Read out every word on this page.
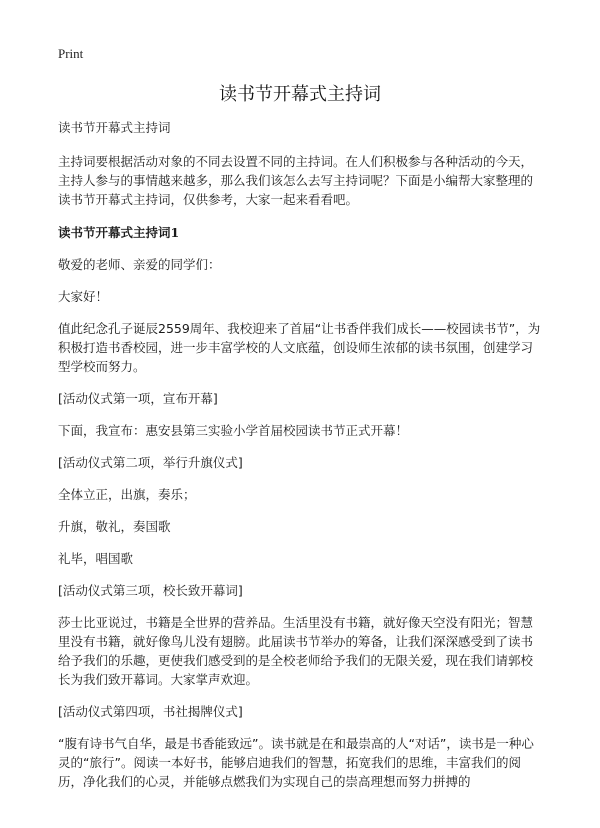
Print
读书节开幕式主持词

读书节开幕式主持词

主持词要根据活动对象的不同去设置不同的主持词。在人们积极参与各种活动的今天，主持人参与的事情越来越多，那么我们该怎么去写主持词呢？下面是小编帮大家整理的读书节开幕式主持词，仅供参考，大家一起来看看吧。

读书节开幕式主持词1

敬爱的老师、亲爱的同学们：

大家好！

值此纪念孔子诞辰2559周年、我校迎来了首届“让书香伴我们成长——校园读书节”，为积极打造书香校园，进一步丰富学校的人文底蕴，创设师生浓郁的读书氛围，创建学习型学校而努力。

[活动仪式第一项，宣布开幕]

下面，我宣布：惠安县第三实验小学首届校园读书节正式开幕！

[活动仪式第二项，举行升旗仪式]

全体立正，出旗，奏乐；

升旗，敬礼，奏国歌

礼毕，唱国歌

[活动仪式第三项，校长致开幕词]

莎士比亚说过，书籍是全世界的营养品。生活里没有书籍，就好像天空没有阳光；智慧里没有书籍，就好像鸟儿没有翅膀。此届读书节举办的筹备，让我们深深感受到了读书给予我们的乐趣，更使我们感受到的是全校老师给予我们的无限关爱，现在我们请郭校长为我们致开幕词。大家掌声欢迎。

[活动仪式第四项，书社揭牌仪式]

“腹有诗书气自华，最是书香能致远”。读书就是在和最崇高的人“对话”，读书是一种心灵的“旅行”。阅读一本好书，能够启迪我们的智慧，拓宽我们的思维，丰富我们的阅历，净化我们的心灵，并能够点燃我们为实现自己的崇高理想而努力拼搏的
